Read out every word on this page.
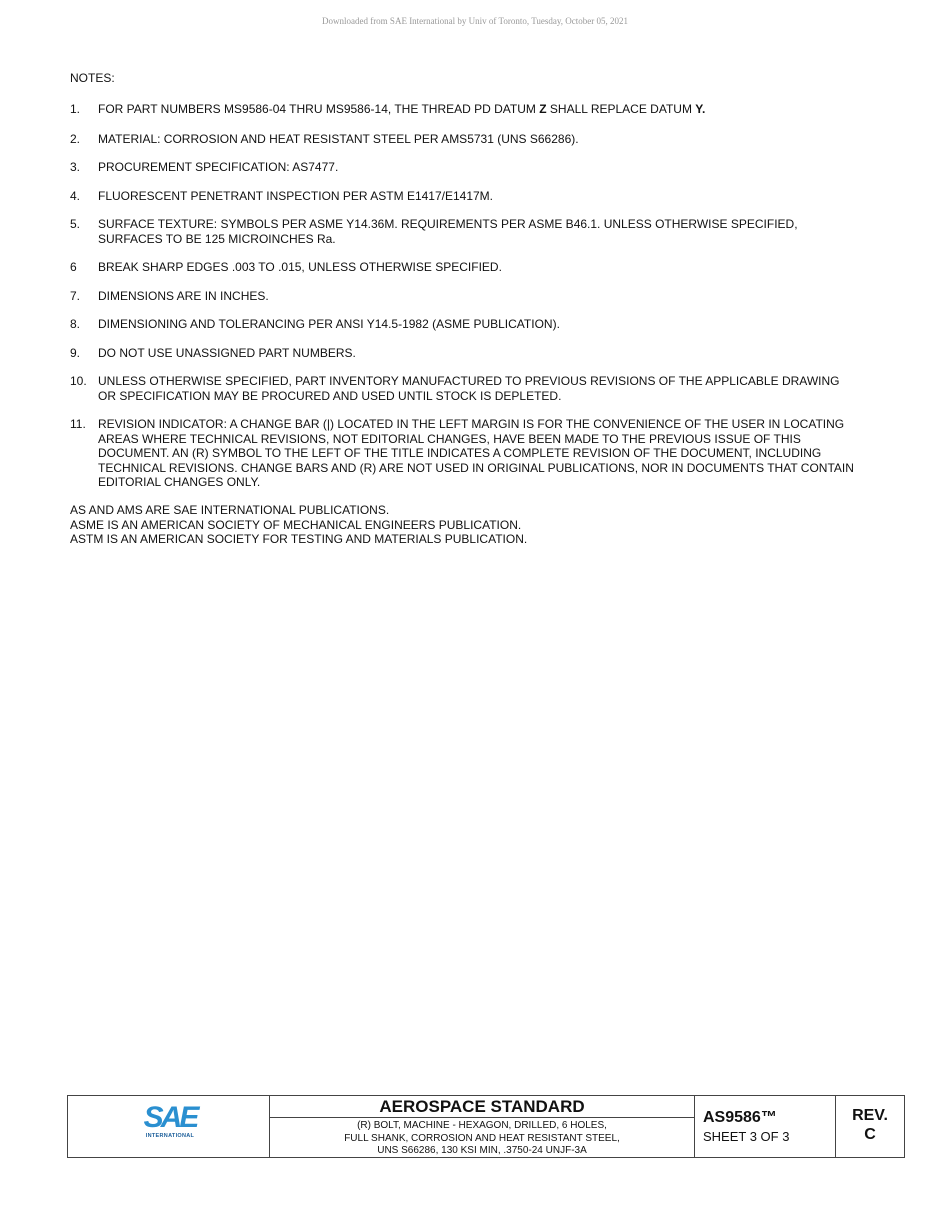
Downloaded from SAE International by Univ of Toronto, Tuesday, October 05, 2021
NOTES:
1. FOR PART NUMBERS MS9586-04 THRU MS9586-14, THE THREAD PD DATUM Z SHALL REPLACE DATUM Y.
2. MATERIAL: CORROSION AND HEAT RESISTANT STEEL PER AMS5731 (UNS S66286).
3. PROCUREMENT SPECIFICATION: AS7477.
4. FLUORESCENT PENETRANT INSPECTION PER ASTM E1417/E1417M.
5. SURFACE TEXTURE: SYMBOLS PER ASME Y14.36M. REQUIREMENTS PER ASME B46.1. UNLESS OTHERWISE SPECIFIED, SURFACES TO BE 125 MICROINCHES Ra.
6 BREAK SHARP EDGES .003 TO .015, UNLESS OTHERWISE SPECIFIED.
7. DIMENSIONS ARE IN INCHES.
8. DIMENSIONING AND TOLERANCING PER ANSI Y14.5-1982 (ASME PUBLICATION).
9. DO NOT USE UNASSIGNED PART NUMBERS.
10. UNLESS OTHERWISE SPECIFIED, PART INVENTORY MANUFACTURED TO PREVIOUS REVISIONS OF THE APPLICABLE DRAWING OR SPECIFICATION MAY BE PROCURED AND USED UNTIL STOCK IS DEPLETED.
11. REVISION INDICATOR: A CHANGE BAR (|) LOCATED IN THE LEFT MARGIN IS FOR THE CONVENIENCE OF THE USER IN LOCATING AREAS WHERE TECHNICAL REVISIONS, NOT EDITORIAL CHANGES, HAVE BEEN MADE TO THE PREVIOUS ISSUE OF THIS DOCUMENT. AN (R) SYMBOL TO THE LEFT OF THE TITLE INDICATES A COMPLETE REVISION OF THE DOCUMENT, INCLUDING TECHNICAL REVISIONS. CHANGE BARS AND (R) ARE NOT USED IN ORIGINAL PUBLICATIONS, NOR IN DOCUMENTS THAT CONTAIN EDITORIAL CHANGES ONLY.
AS AND AMS ARE SAE INTERNATIONAL PUBLICATIONS.
ASME IS AN AMERICAN SOCIETY OF MECHANICAL ENGINEERS PUBLICATION.
ASTM IS AN AMERICAN SOCIETY FOR TESTING AND MATERIALS PUBLICATION.
SAE
INTERNATIONAL
AEROSPACE STANDARD
(R) BOLT, MACHINE - HEXAGON, DRILLED, 6 HOLES,
FULL SHANK, CORROSION AND HEAT RESISTANT STEEL,
UNS S66286, 130 KSI MIN, .3750-24 UNJF-3A
AS9586™
SHEET 3 OF 3
REV.
C
